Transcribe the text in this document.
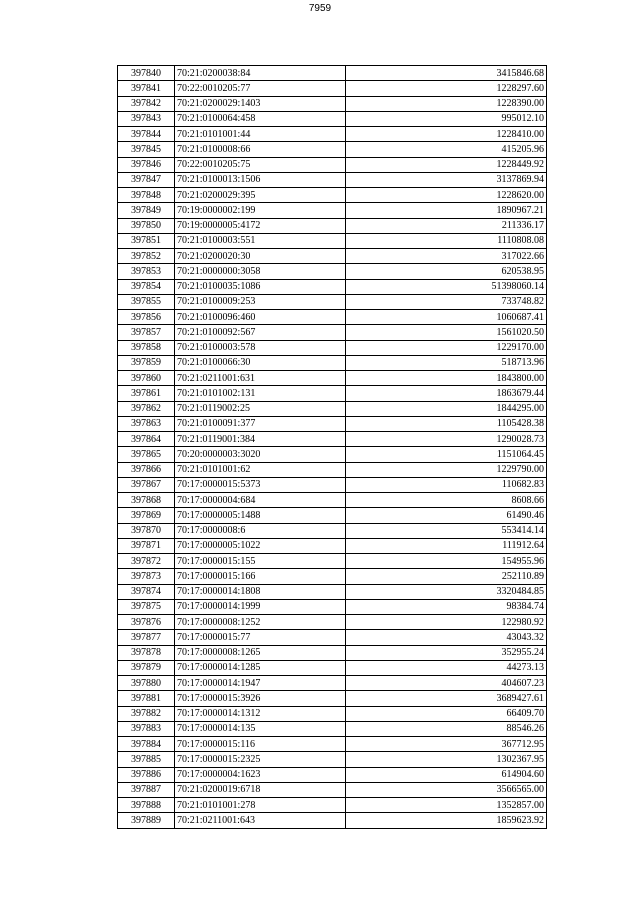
7959
397840	70:21:0200038:84	3415846.68
397841	70:22:0010205:77	1228297.60
397842	70:21:0200029:1403	1228390.00
397843	70:21:0100064:458	995012.10
397844	70:21:0101001:44	1228410.00
397845	70:21:0100008:66	415205.96
397846	70:22:0010205:75	1228449.92
397847	70:21:0100013:1506	3137869.94
397848	70:21:0200029:395	1228620.00
397849	70:19:0000002:199	1890967.21
397850	70:19:0000005:4172	211336.17
397851	70:21:0100003:551	1110808.08
397852	70:21:0200020:30	317022.66
397853	70:21:0000000:3058	620538.95
397854	70:21:0100035:1086	51398060.14
397855	70:21:0100009:253	733748.82
397856	70:21:0100096:460	1060687.41
397857	70:21:0100092:567	1561020.50
397858	70:21:0100003:578	1229170.00
397859	70:21:0100066:30	518713.96
397860	70:21:0211001:631	1843800.00
397861	70:21:0101002:131	1863679.44
397862	70:21:0119002:25	1844295.00
397863	70:21:0100091:377	1105428.38
397864	70:21:0119001:384	1290028.73
397865	70:20:0000003:3020	1151064.45
397866	70:21:0101001:62	1229790.00
397867	70:17:0000015:5373	110682.83
397868	70:17:0000004:684	8608.66
397869	70:17:0000005:1488	61490.46
397870	70:17:0000008:6	553414.14
397871	70:17:0000005:1022	111912.64
397872	70:17:0000015:155	154955.96
397873	70:17:0000015:166	252110.89
397874	70:17:0000014:1808	3320484.85
397875	70:17:0000014:1999	98384.74
397876	70:17:0000008:1252	122980.92
397877	70:17:0000015:77	43043.32
397878	70:17:0000008:1265	352955.24
397879	70:17:0000014:1285	44273.13
397880	70:17:0000014:1947	404607.23
397881	70:17:0000015:3926	3689427.61
397882	70:17:0000014:1312	66409.70
397883	70:17:0000014:135	88546.26
397884	70:17:0000015:116	367712.95
397885	70:17:0000015:2325	1302367.95
397886	70:17:0000004:1623	614904.60
397887	70:21:0200019:6718	3566565.00
397888	70:21:0101001:278	1352857.00
397889	70:21:0211001:643	1859623.92
